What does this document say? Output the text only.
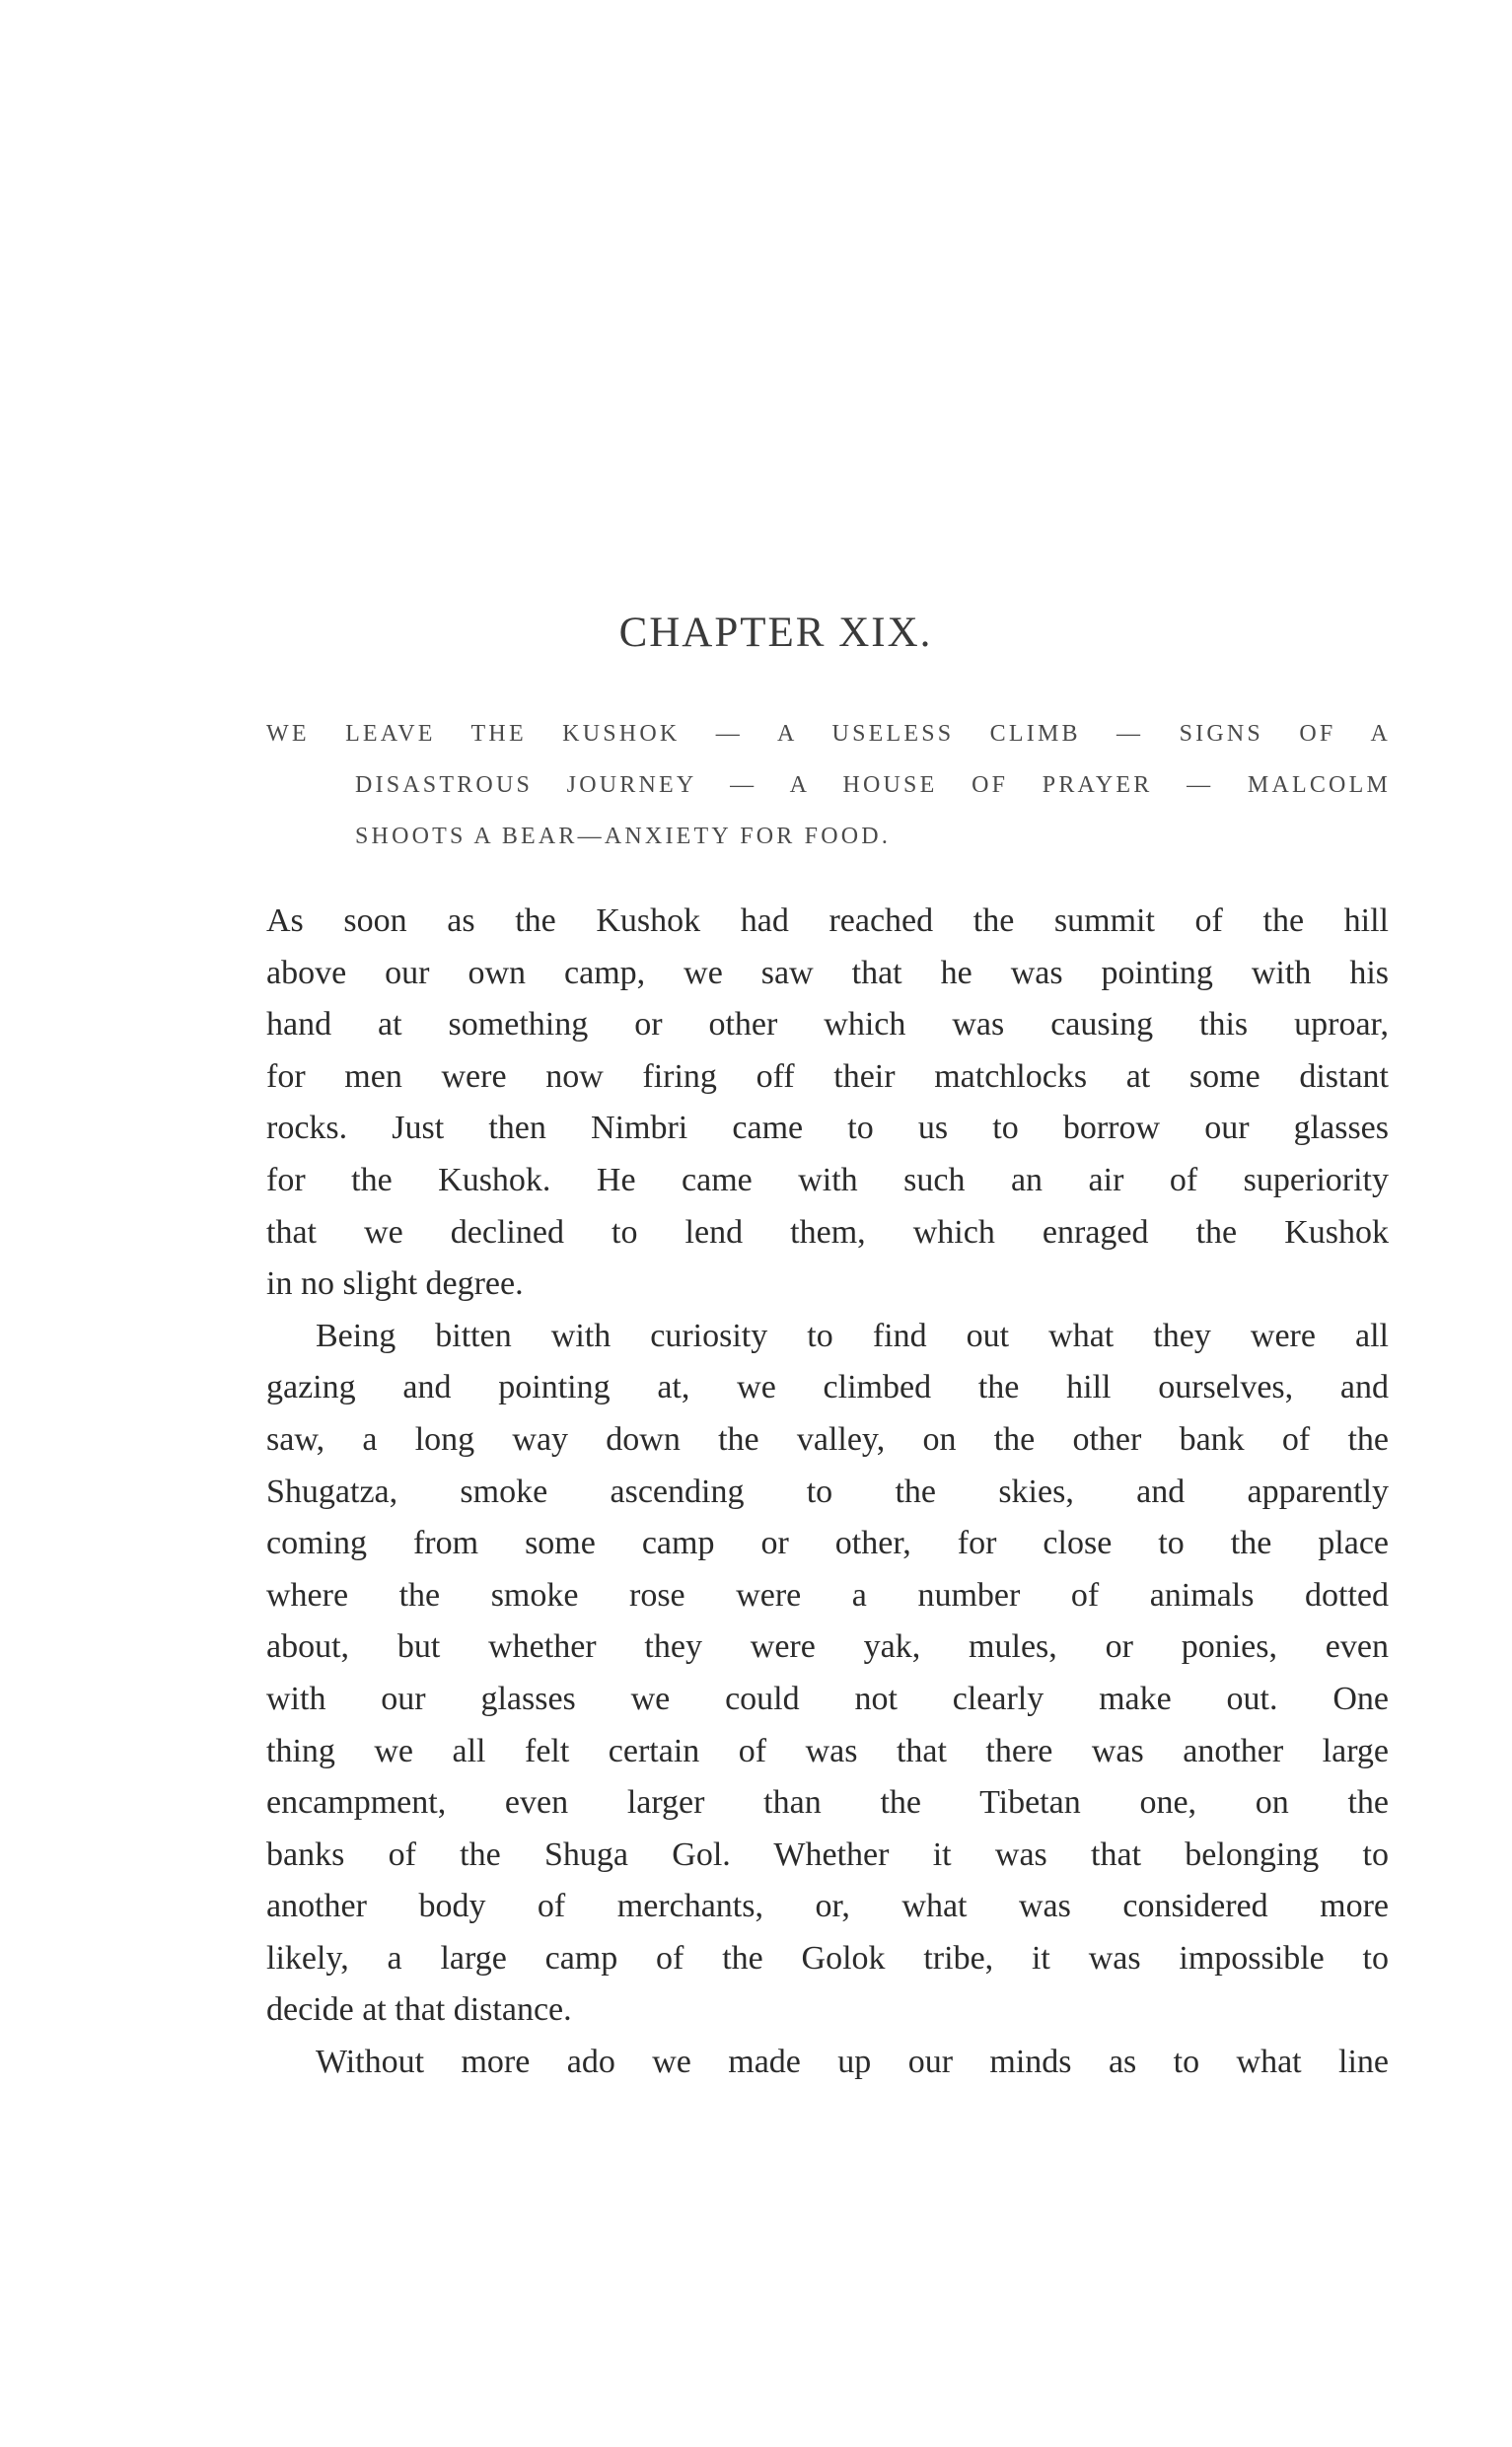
CHAPTER XIX.
WE LEAVE THE KUSHOK — A USELESS CLIMB — SIGNS OF A
DISASTROUS JOURNEY — A HOUSE OF PRAYER — MALCOLM
SHOOTS A BEAR—ANXIETY FOR FOOD.
As soon as the Kushok had reached the summit of the hill
above our own camp, we saw that he was pointing with his
hand at something or other which was causing this uproar,
for men were now firing off their matchlocks at some distant
rocks. Just then Nimbri came to us to borrow our glasses
for the Kushok. He came with such an air of superiority
that we declined to lend them, which enraged the Kushok
in no slight degree.
Being bitten with curiosity to find out what they were all
gazing and pointing at, we climbed the hill ourselves, and
saw, a long way down the valley, on the other bank of the
Shugatza, smoke ascending to the skies, and apparently
coming from some camp or other, for close to the place
where the smoke rose were a number of animals dotted
about, but whether they were yak, mules, or ponies, even
with our glasses we could not clearly make out. One
thing we all felt certain of was that there was another large
encampment, even larger than the Tibetan one, on the
banks of the Shuga Gol. Whether it was that belonging to
another body of merchants, or, what was considered more
likely, a large camp of the Golok tribe, it was impossible to
decide at that distance.
Without more ado we made up our minds as to what line
